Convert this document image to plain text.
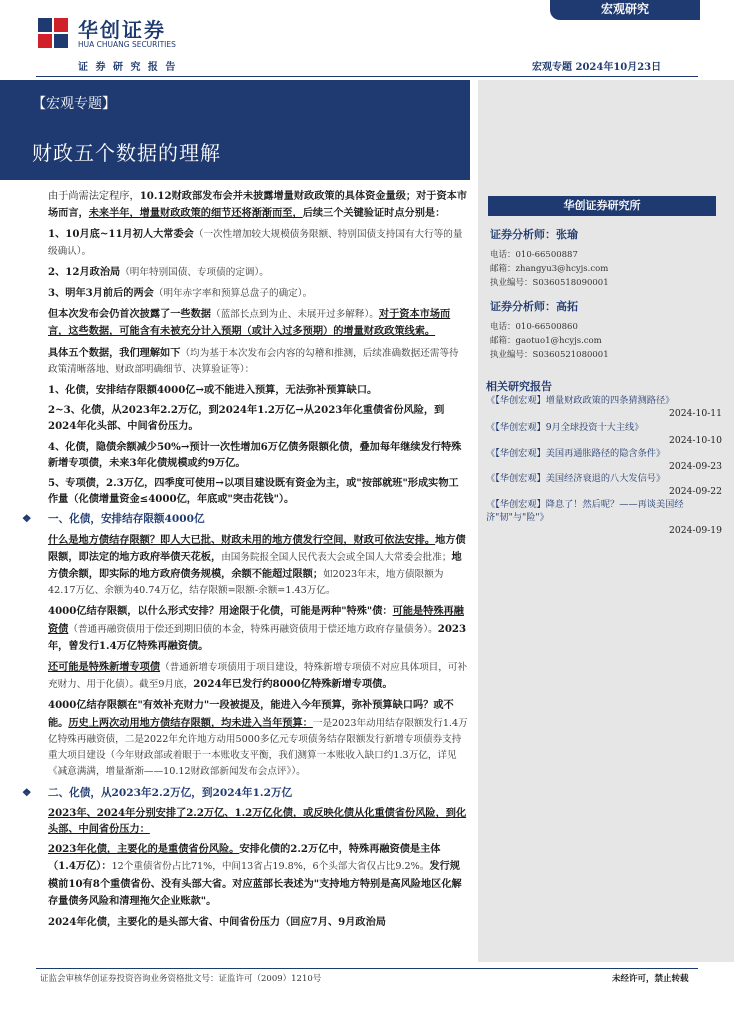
华创证券
HUA CHUANG SECURITIES
证 券 研 究 报 告
宏观研究
宏观专题 2024年10月23日
【宏观专题】
财政五个数据的理解
华创证券研究所
证券分析师：张瑜
电话：010-66500887
邮箱：zhangyu3@hcyjs.com
执业编号：S0360518090001
证券分析师：高拓
电话：010-66500860
邮箱：gaotuo1@hcyjs.com
执业编号：S0360521080001
相关研究报告
《【华创宏观】增量财政政策的四条猜测路径》
2024-10-11
《【华创宏观】9月全球投资十大主线》
2024-10-10
《【华创宏观】美国再通胀路径的隐含条件》
2024-09-23
《【华创宏观】美国经济衰退的八大发信号》
2024-09-22
《【华创宏观】降息了！然后呢？——再谈美国经济"韧"与"险"》
2024-09-19

由于尚需法定程序，10.12财政部发布会并未披露增量财政政策的具体资金量级；对于资本市场而言，未来半年，增量财政政策的细节还将渐渐而至，后续三个关键验证时点分别是：

1、10月底~11月初人大常委会（一次性增加较大规模债务限额、特别国债支持国有大行等的量级确认）。

2、12月政治局（明年特别国债、专项债的定调）。

3、明年3月前后的两会（明年赤字率和预算总盘子的确定）。

但本次发布会仍首次披露了一些数据（蓝部长点到为止、未展开过多解释）。对于资本市场而言，这些数据，可能含有未被充分计入预期（或计入过多预期）的增量财政政策线索。

具体五个数据，我们理解如下（均为基于本次发布会内容的勾稽和推测，后续准确数据还需等待政策清晰落地、财政部明确细节、决算验证等）：

1、化债，安排结存限额4000亿→或不能进入预算，无法弥补预算缺口。

2~3、化债，从2023年2.2万亿，到2024年1.2万亿→从2023年化重债省份风险，到2024年化头部、中间省份压力。

4、化债，隐债余额减少50%→预计一次性增加6万亿债务限额化债，叠加每年继续发行特殊新增专项债，未来3年化债规模或约9万亿。

5、专项债，2.3万亿，四季度可使用→以项目建设既有资金为主，或"按部就班"形成实物工作量（化债增量资金≤4000亿，年底或"突击花钱"）。

❖ 一、化债，安排结存限额4000亿

什么是地方债结存限额？即人大已批、财政未用的地方债发行空间，财政可依法安排。地方债限额，即法定的地方政府举债天花板，由国务院报全国人民代表大会或全国人大常委会批准；地方债余额，即实际的地方政府债务规模，余额不能超过限额；如2023年末，地方债限额为42.17万亿、余额为40.74万亿，结存限额=限额-余额=1.43万亿。

4000亿结存限额，以什么形式安排？用途限于化债，可能是两种"特殊"债：可能是特殊再融资债（普通再融资债用于偿还到期旧债的本金，特殊再融资债用于偿还地方政府存量债务）。2023年，曾发行1.4万亿特殊再融资债。

还可能是特殊新增专项债（普通新增专项债用于项目建设，特殊新增专项债不对应具体项目，可补充财力、用于化债）。截至9月底，2024年已发行约8000亿特殊新增专项债。

4000亿结存限额在"有效补充财力"一段被提及，能进入今年预算，弥补预算缺口吗？或不能。历史上两次动用地方债结存限额，均未进入当年预算：一是2023年动用结存限额发行1.4万亿特殊再融资债，二是2022年允许地方动用5000多亿元专项债务结存限额发行新增专项债券支持重大项目建设（今年财政部或着眼于一本账收支平衡，我们测算一本账收入缺口约1.3万亿，详见《减意满满，增量渐渐——10.12财政部新闻发布会点评》）。

❖ 二、化债，从2023年2.2万亿，到2024年1.2万亿

2023年、2024年分别安排了2.2万亿、1.2万亿化债，或反映化债从化重债省份风险，到化头部、中间省份压力：

2023年化债，主要化的是重债省份风险。安排化债的2.2万亿中，特殊再融资债是主体（1.4万亿）：12个重债省份占比71%，中间13省占19.8%，6个头部大省仅占比9.2%。发行规模前10有8个重债省份、没有头部大省。对应蓝部长表述为"支持地方特别是高风险地区化解存量债务风险和清理拖欠企业账款"。

2024年化债，主要化的是头部大省、中间省份压力（回应7月、9月政治局

证监会审核华创证券投资咨询业务资格批文号：证监许可（2009）1210号	未经许可，禁止转载
